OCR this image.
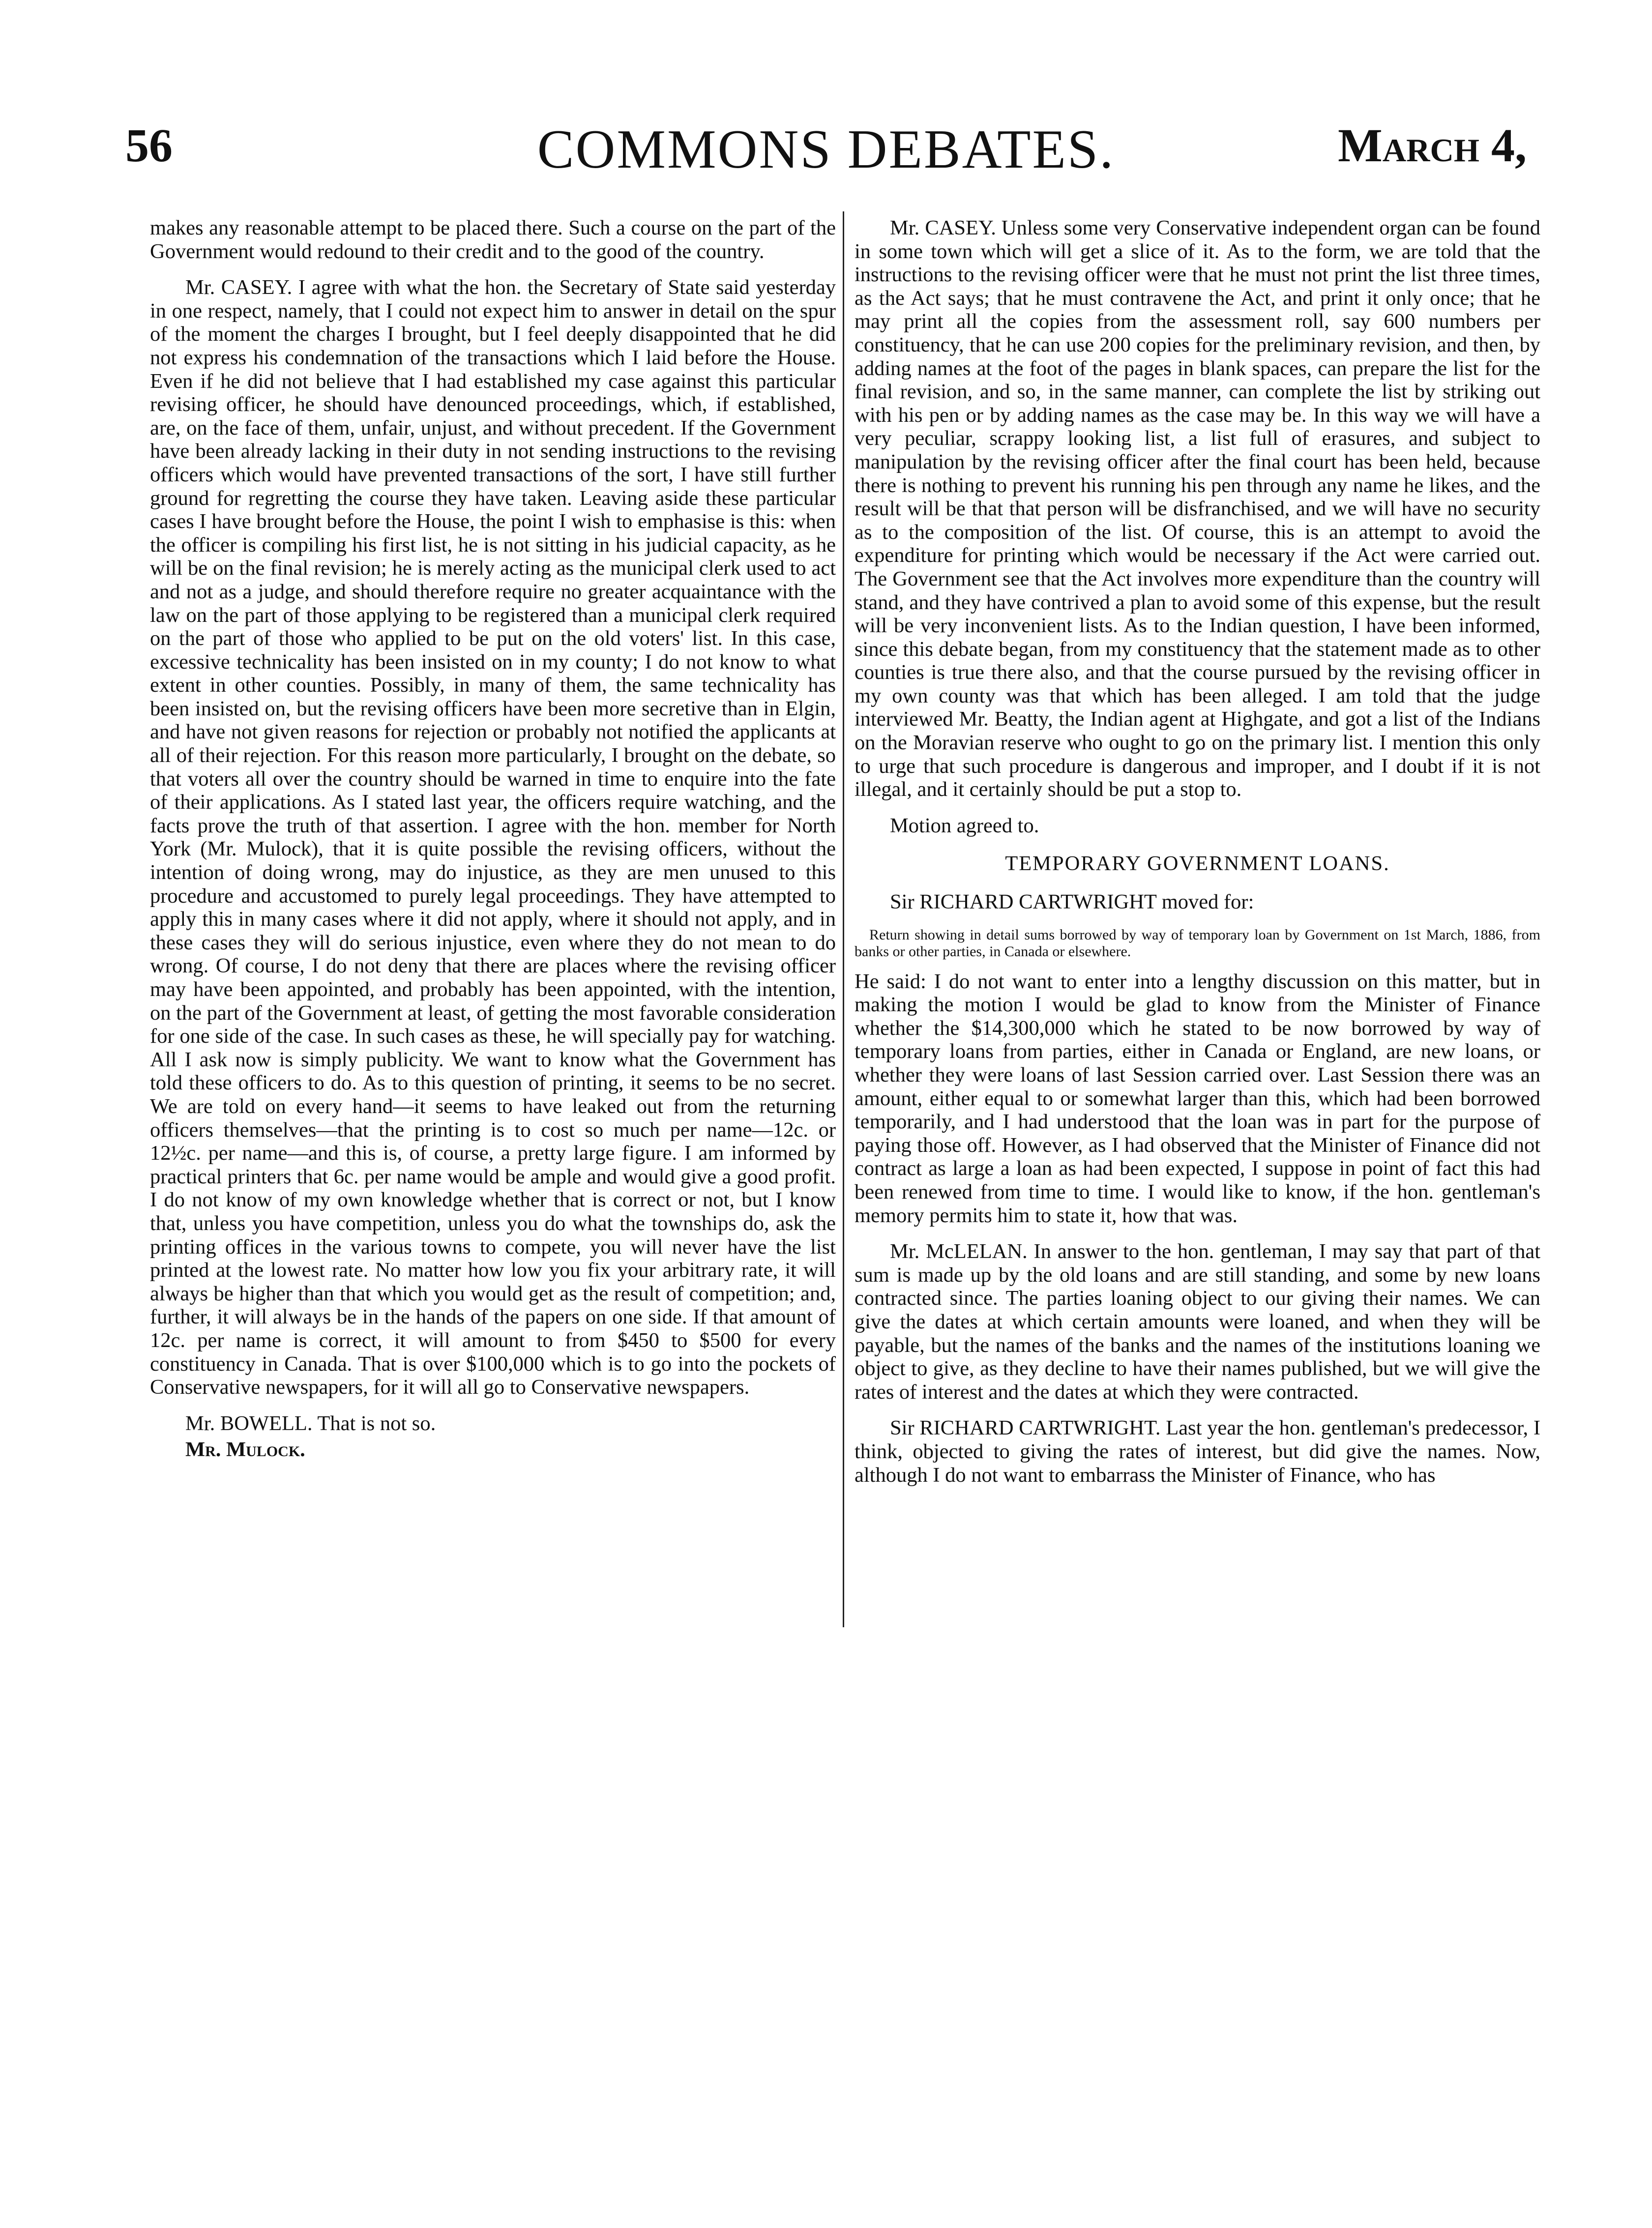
56	COMMONS DEBATES.	March 4,

makes any reasonable attempt to be placed there. Such a course on the part of the Government would redound to their credit and to the good of the country.

Mr. CASEY. I agree with what the hon. the Secretary of State said yesterday in one respect, namely, that I could not expect him to answer in detail on the spur of the moment the charges I brought, but I feel deeply disappointed that he did not express his condemnation of the transactions which I laid before the House. Even if he did not believe that I had established my case against this particular revising officer, he should have denounced proceedings, which, if established, are, on the face of them, unfair, unjust, and without precedent. If the Government have been already lacking in their duty in not sending instructions to the revising officers which would have prevented transactions of the sort, I have still further ground for regretting the course they have taken. Leaving aside these particular cases I have brought before the House, the point I wish to emphasise is this: when the officer is compiling his first list, he is not sitting in his judicial capacity, as he will be on the final revision; he is merely acting as the municipal clerk used to act and not as a judge, and should therefore require no greater acquaintance with the law on the part of those applying to be registered than a municipal clerk required on the part of those who applied to be put on the old voters' list. In this case, excessive technicality has been insisted on in my county; I do not know to what extent in other counties. Possibly, in many of them, the same technicality has been insisted on, but the revising officers have been more secretive than in Elgin, and have not given reasons for rejection or probably not notified the applicants at all of their rejection. For this reason more particularly, I brought on the debate, so that voters all over the country should be warned in time to enquire into the fate of their applications. As I stated last year, the officers require watching, and the facts prove the truth of that assertion. I agree with the hon. member for North York (Mr. Mulock), that it is quite possible the revising officers, without the intention of doing wrong, may do injustice, as they are men unused to this procedure and accustomed to purely legal proceedings. They have attempted to apply this in many cases where it did not apply, where it should not apply, and in these cases they will do serious injustice, even where they do not mean to do wrong. Of course, I do not deny that there are places where the revising officer may have been appointed, and probably has been appointed, with the intention, on the part of the Government at least, of getting the most favorable consideration for one side of the case. In such cases as these, he will specially pay for watching. All I ask now is simply publicity. We want to know what the Government has told these officers to do. As to this question of printing, it seems to be no secret. We are told on every hand—it seems to have leaked out from the returning officers themselves—that the printing is to cost so much per name—12c. or 12½c. per name—and this is, of course, a pretty large figure. I am informed by practical printers that 6c. per name would be ample and would give a good profit. I do not know of my own knowledge whether that is correct or not, but I know that, unless you have competition, unless you do what the townships do, ask the printing offices in the various towns to compete, you will never have the list printed at the lowest rate. No matter how low you fix your arbitrary rate, it will always be higher than that which you would get as the result of competition; and, further, it will always be in the hands of the papers on one side. If that amount of 12c. per name is correct, it will amount to from $450 to $500 for every constituency in Canada. That is over $100,000 which is to go into the pockets of Conservative newspapers, for it will all go to Conservative newspapers.

Mr. BOWELL. That is not so.

Mr. Mulock.

Mr. CASEY. Unless some very Conservative independent organ can be found in some town which will get a slice of it. As to the form, we are told that the instructions to the revising officer were that he must not print the list three times, as the Act says; that he must contravene the Act, and print it only once; that he may print all the copies from the assessment roll, say 600 numbers per constituency, that he can use 200 copies for the preliminary revision, and then, by adding names at the foot of the pages in blank spaces, can prepare the list for the final revision, and so, in the same manner, can complete the list by striking out with his pen or by adding names as the case may be. In this way we will have a very peculiar, scrappy looking list, a list full of erasures, and subject to manipulation by the revising officer after the final court has been held, because there is nothing to prevent his running his pen through any name he likes, and the result will be that that person will be disfranchised, and we will have no security as to the composition of the list. Of course, this is an attempt to avoid the expenditure for printing which would be necessary if the Act were carried out. The Government see that the Act involves more expenditure than the country will stand, and they have contrived a plan to avoid some of this expense, but the result will be very inconvenient lists. As to the Indian question, I have been informed, since this debate began, from my constituency that the statement made as to other counties is true there also, and that the course pursued by the revising officer in my own county was that which has been alleged. I am told that the judge interviewed Mr. Beatty, the Indian agent at Highgate, and got a list of the Indians on the Moravian reserve who ought to go on the primary list. I mention this only to urge that such procedure is dangerous and improper, and I doubt if it is not illegal, and it certainly should be put a stop to.

Motion agreed to.

TEMPORARY GOVERNMENT LOANS.

Sir RICHARD CARTWRIGHT moved for:

Return showing in detail sums borrowed by way of temporary loan by Government on 1st March, 1886, from banks or other parties, in Canada or elsewhere.

He said: I do not want to enter into a lengthy discussion on this matter, but in making the motion I would be glad to know from the Minister of Finance whether the $14,300,000 which he stated to be now borrowed by way of temporary loans from parties, either in Canada or England, are new loans, or whether they were loans of last Session carried over. Last Session there was an amount, either equal to or somewhat larger than this, which had been borrowed temporarily, and I had understood that the loan was in part for the purpose of paying those off. However, as I had observed that the Minister of Finance did not contract as large a loan as had been expected, I suppose in point of fact this had been renewed from time to time. I would like to know, if the hon. gentleman's memory permits him to state it, how that was.

Mr. McLELAN. In answer to the hon. gentleman, I may say that part of that sum is made up by the old loans and are still standing, and some by new loans contracted since. The parties loaning object to our giving their names. We can give the dates at which certain amounts were loaned, and when they will be payable, but the names of the banks and the names of the institutions loaning we object to give, as they decline to have their names published, but we will give the rates of interest and the dates at which they were contracted.

Sir RICHARD CARTWRIGHT. Last year the hon. gentleman's predecessor, I think, objected to giving the rates of interest, but did give the names. Now, although I do not want to embarrass the Minister of Finance, who has
